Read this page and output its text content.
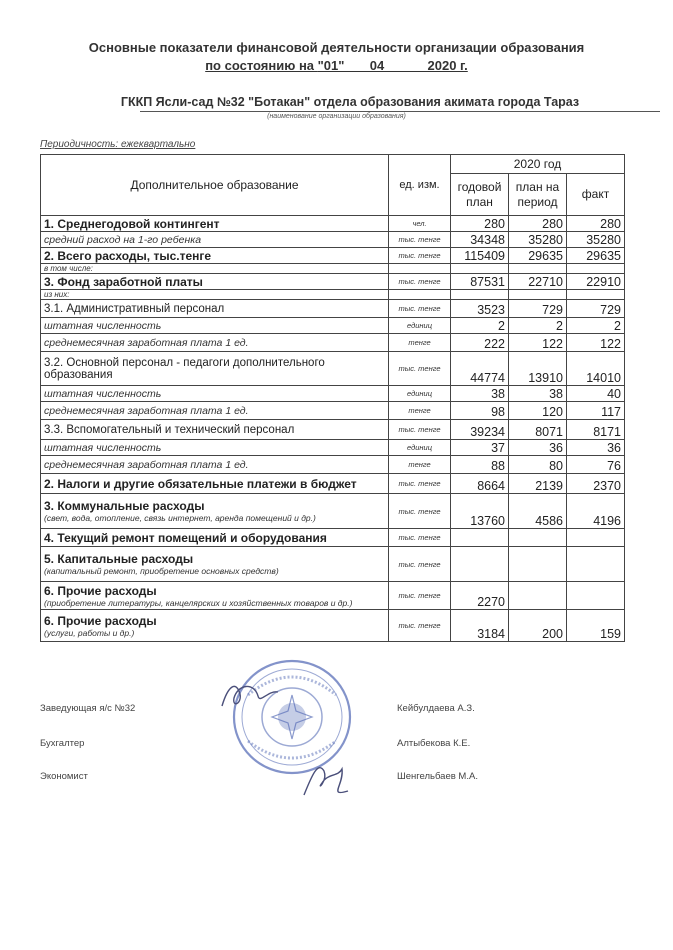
Основные показатели финансовой деятельности организации образования
по состоянию на "01"       04            2020 г.
ГККП Ясли-сад №32 "Ботакан" отдела образования акимата города Тараз
(наименование организации образования)
Периодичность: ежеквартально
Дополнительное образование	ед. изм.	2020 год		
		годовой план	план на период	факт
1. Среднегодовой контингент	чел.	280	280	280
средний расход на 1-го ребенка	тыс. тенге	34348	35280	35280
2. Всего расходы, тыс.тенге	тыс. тенге	115409	29635	29635
в том числе:				
3. Фонд заработной платы	тыс. тенге	87531	22710	22910
из них:				
3.1. Административный персонал	тыс. тенге	3523	729	729
штатная численность	единиц	2	2	2
среднемесячная заработная плата 1 ед.	тенге	222	122	122
3.2. Основной персонал - педагоги дополнительного образования	тыс. тенге	44774	13910	14010
штатная численность	единиц	38	38	40
среднемесячная заработная плата 1 ед.	тенге	98	120	117
3.3. Вспомогательный и технический персонал	тыс. тенге	39234	8071	8171
штатная численность	единиц	37	36	36
среднемесячная заработная плата 1 ед.	тенге	88	80	76
2. Налоги и другие обязательные платежи в бюджет	тыс. тенге	8664	2139	2370
3. Коммунальные расходы
(свет, вода, отопление, связь интернет, аренда помещений и др.)	тыс. тенге	13760	4586	4196
4. Текущий ремонт помещений и оборудования	тыс. тенге			
5. Капитальные расходы
(капитальный ремонт, приобретение основных средств)	тыс. тенге			
6. Прочие расходы
(приобретение литературы, канцелярских и хозяйственных товаров и др.)	тыс. тенге	2270		
6. Прочие расходы
(услуги, работы и др.)	тыс. тенге	3184	200	159
Заведующая я/с №32	Кейбулдаева А.З.
Бухгалтер	Алтыбекова К.Е.
Экономист	Шенгельбаев М.А.
